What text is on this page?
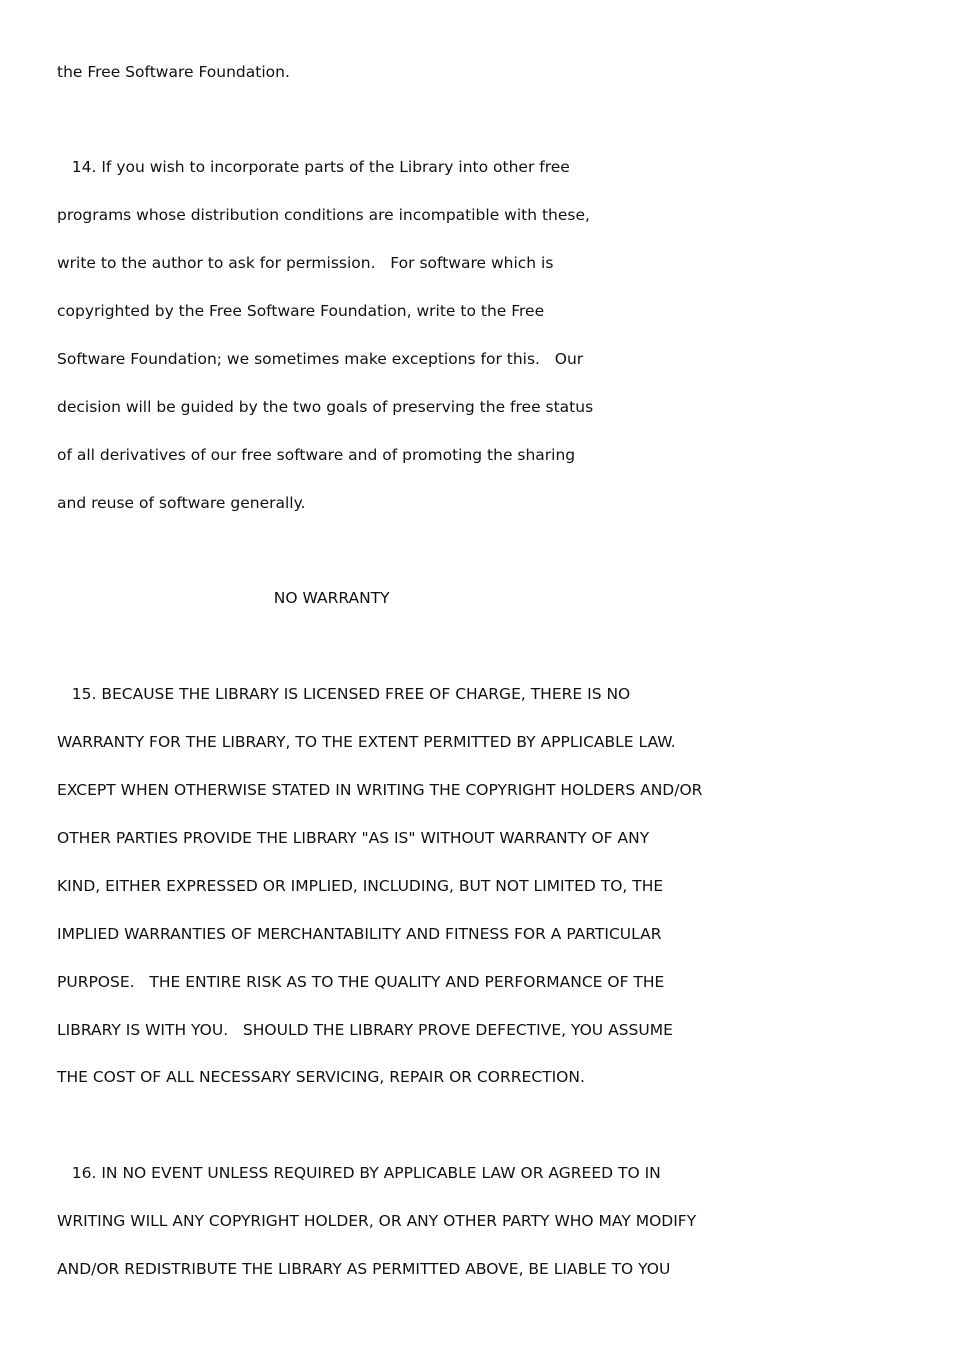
the Free Software Foundation.
14. If you wish to incorporate parts of the Library into other free
programs whose distribution conditions are incompatible with these,
write to the author to ask for permission.   For software which is
copyrighted by the Free Software Foundation, write to the Free
Software Foundation; we sometimes make exceptions for this.   Our
decision will be guided by the two goals of preserving the free status
of all derivatives of our free software and of promoting the sharing
and reuse of software generally.
NO WARRANTY
15. BECAUSE THE LIBRARY IS LICENSED FREE OF CHARGE, THERE IS NO
WARRANTY FOR THE LIBRARY, TO THE EXTENT PERMITTED BY APPLICABLE LAW.
EXCEPT WHEN OTHERWISE STATED IN WRITING THE COPYRIGHT HOLDERS AND/OR
OTHER PARTIES PROVIDE THE LIBRARY "AS IS" WITHOUT WARRANTY OF ANY
KIND, EITHER EXPRESSED OR IMPLIED, INCLUDING, BUT NOT LIMITED TO, THE
IMPLIED WARRANTIES OF MERCHANTABILITY AND FITNESS FOR A PARTICULAR
PURPOSE.   THE ENTIRE RISK AS TO THE QUALITY AND PERFORMANCE OF THE
LIBRARY IS WITH YOU.   SHOULD THE LIBRARY PROVE DEFECTIVE, YOU ASSUME
THE COST OF ALL NECESSARY SERVICING, REPAIR OR CORRECTION.
16. IN NO EVENT UNLESS REQUIRED BY APPLICABLE LAW OR AGREED TO IN
WRITING WILL ANY COPYRIGHT HOLDER, OR ANY OTHER PARTY WHO MAY MODIFY
AND/OR REDISTRIBUTE THE LIBRARY AS PERMITTED ABOVE, BE LIABLE TO YOU
